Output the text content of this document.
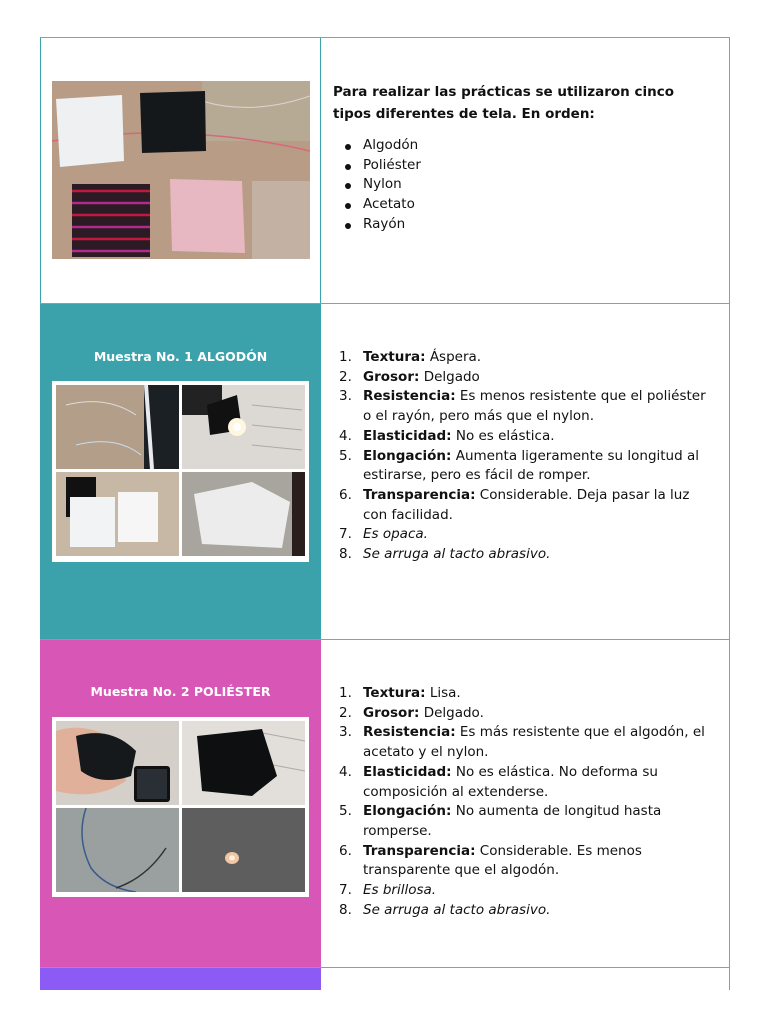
Para realizar las prácticas se utilizaron cinco tipos diferentes de tela. En orden:
Algodón
Poliéster
Nylon
Acetato
Rayón
Muestra No. 1 ALGODÓN	1. Textura: Áspera.
2. Grosor: Delgado
3. Resistencia: Es menos resistente que el poliéster o el rayón, pero más que el nylon.
4. Elasticidad: No es elástica.
5. Elongación: Aumenta ligeramente su longitud al estirarse, pero es fácil de romper.
6. Transparencia: Considerable. Deja pasar la luz con facilidad.
7. Es opaca.
8. Se arruga al tacto abrasivo.
Muestra No. 2 POLIÉSTER	1. Textura: Lisa.
2. Grosor: Delgado.
3. Resistencia: Es más resistente que el algodón, el acetato y el nylon.
4. Elasticidad: No es elástica. No deforma su composición al extenderse.
5. Elongación: No aumenta de longitud hasta romperse.
6. Transparencia: Considerable. Es menos transparente que el algodón.
7. Es brillosa.
8. Se arruga al tacto abrasivo.
